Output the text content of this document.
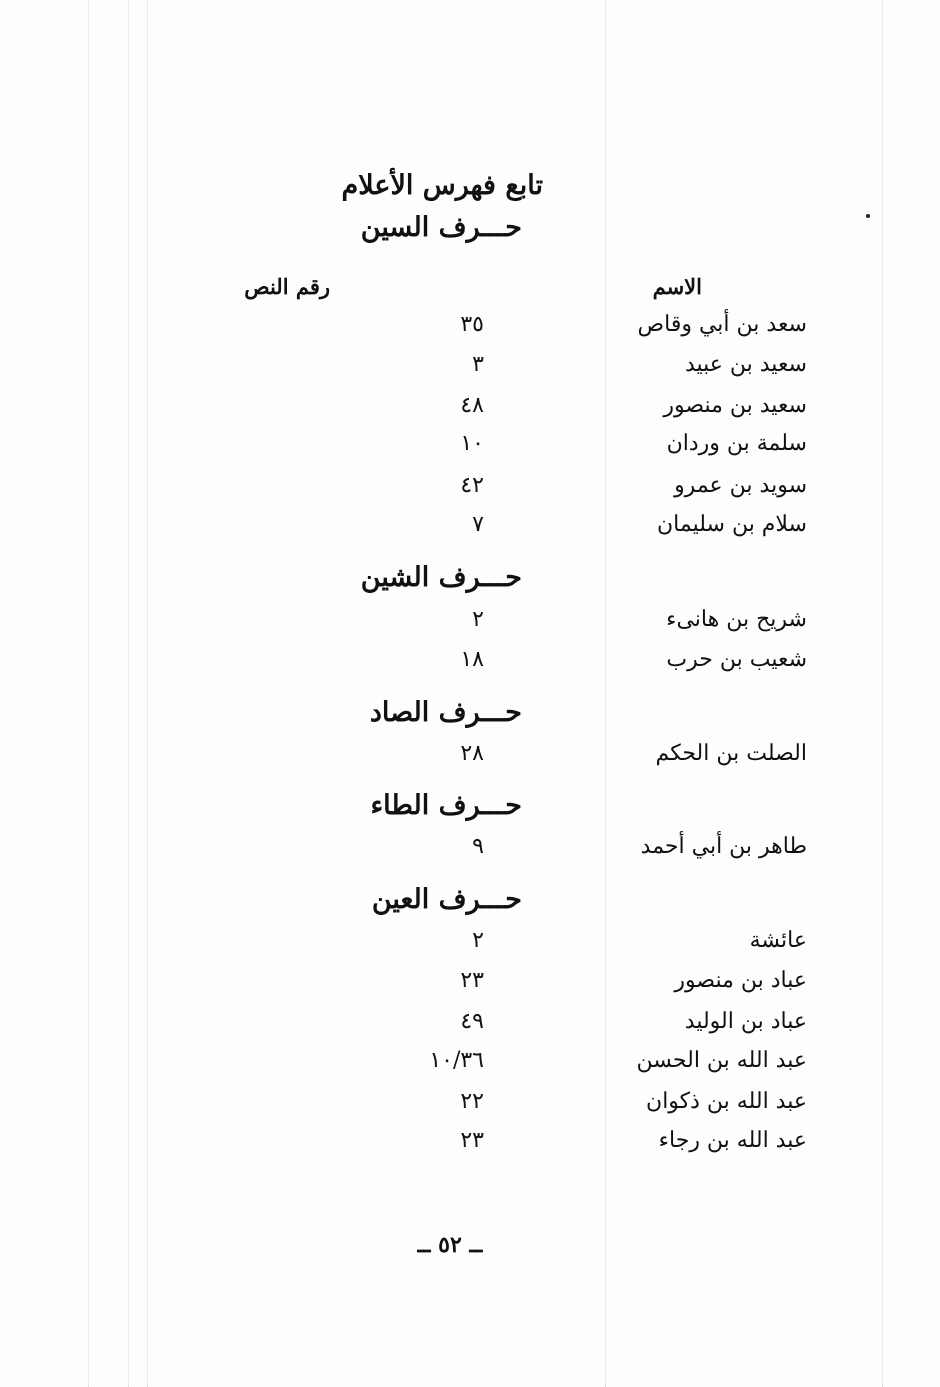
تابع فهرس الأعلام
الاسم
رقم النص
حـــرف السين
سعد بن أبي وقاص
٣٥
سعيد بن عبيد
٣
سعيد بن منصور
٤٨
سلمة بن وردان
١٠
سويد بن عمرو
٤٢
سلام بن سليمان
٧
حـــرف الشين
شريح بن هانىء
٢
شعيب بن حرب
١٨
حـــرف الصاد
الصلت بن الحكم
٢٨
حـــرف الطاء
طاهر بن أبي أحمد
٩
حـــرف العين
عائشة
٢
عباد بن منصور
٢٣
عباد بن الوليد
٤٩
عبد الله بن الحسن
١٠/٣٦
عبد الله بن ذكوان
٢٢
عبد الله بن رجاء
٢٣
ــ ٥٢ ــ
